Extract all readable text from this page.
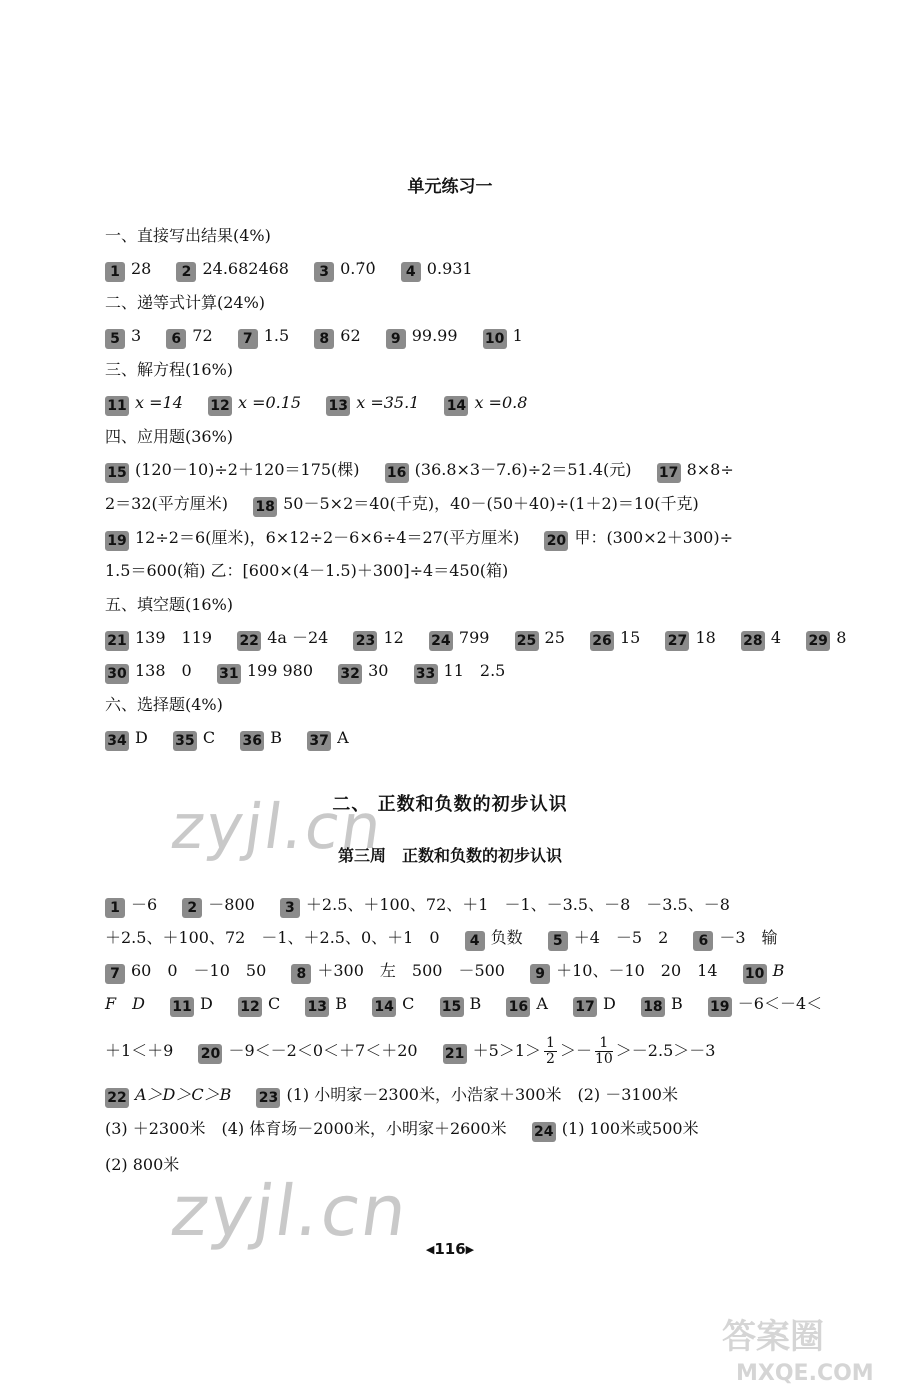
单元练习一
一、直接写出结果(4%)
1 28 2 24.682468 3 0.7̇0̇ 4 0.931
二、递等式计算(24%)
5 3 6 72 7 1.5 8 62 9 99.99 10 1
三、解方程(16%)
11 x =14 12 x =0.15 13 x =35.1 14 x =0.8
四、应用题(36%)
15 (120－10)÷2＋120＝175(棵) 16 (36.8×3－7.6)÷2＝51.4(元) 17 8×8÷
2＝32(平方厘米) 18 50－5×2＝40(千克)，40－(50＋40)÷(1＋2)＝10(千克)
19 12÷2＝6(厘米)，6×12÷2－6×6÷4＝27(平方厘米) 20 甲：(300×2＋300)÷
1.5＝600(箱) 乙：[600×(4－1.5)＋300]÷4＝450(箱)
五、填空题(16%)
21 139　119 22 4a －24 23 12 24 799 25 25 26 15 27 18 28 4 29 8
30 138　0 31 199 980 32 30 33 11　2.5
六、选择题(4%)
34 D 35 C 36 B 37 A
zyjl.cn
二、 正数和负数的初步认识
第三周　正数和负数的初步认识
1 －6 2 －800 3 ＋2.5、＋100、72、＋1　－1、－3.5、－8　－3.5、－8
＋2.5、＋100、72　－1、＋2.5、0、＋1　0 4 负数 5 ＋4　－5　2 6 －3　输
7 60　0　－10　50 8 ＋300　左　500　－500 9 ＋10、－10　20　14 10 B
F　D 11 D 12 C 13 B 14 C 15 B 16 A 17 D 18 B 19 －6＜－4＜
＋1＜＋9 20 －9＜－2＜0＜＋7＜＋20 $21 +5>1> \frac{1}{2} >- \frac{1}{10} >-2.5>-3$
22 A＞D＞C＞B 23 (1) 小明家－2300米，小浩家＋300米　(2) －3100米
(3) ＋2300米　(4) 体育场－2000米，小明家＋2600米 24 (1) 100米或500米
(2) 800米
zyjl.cn	◀116▶
答案圈
MXQE.COM
